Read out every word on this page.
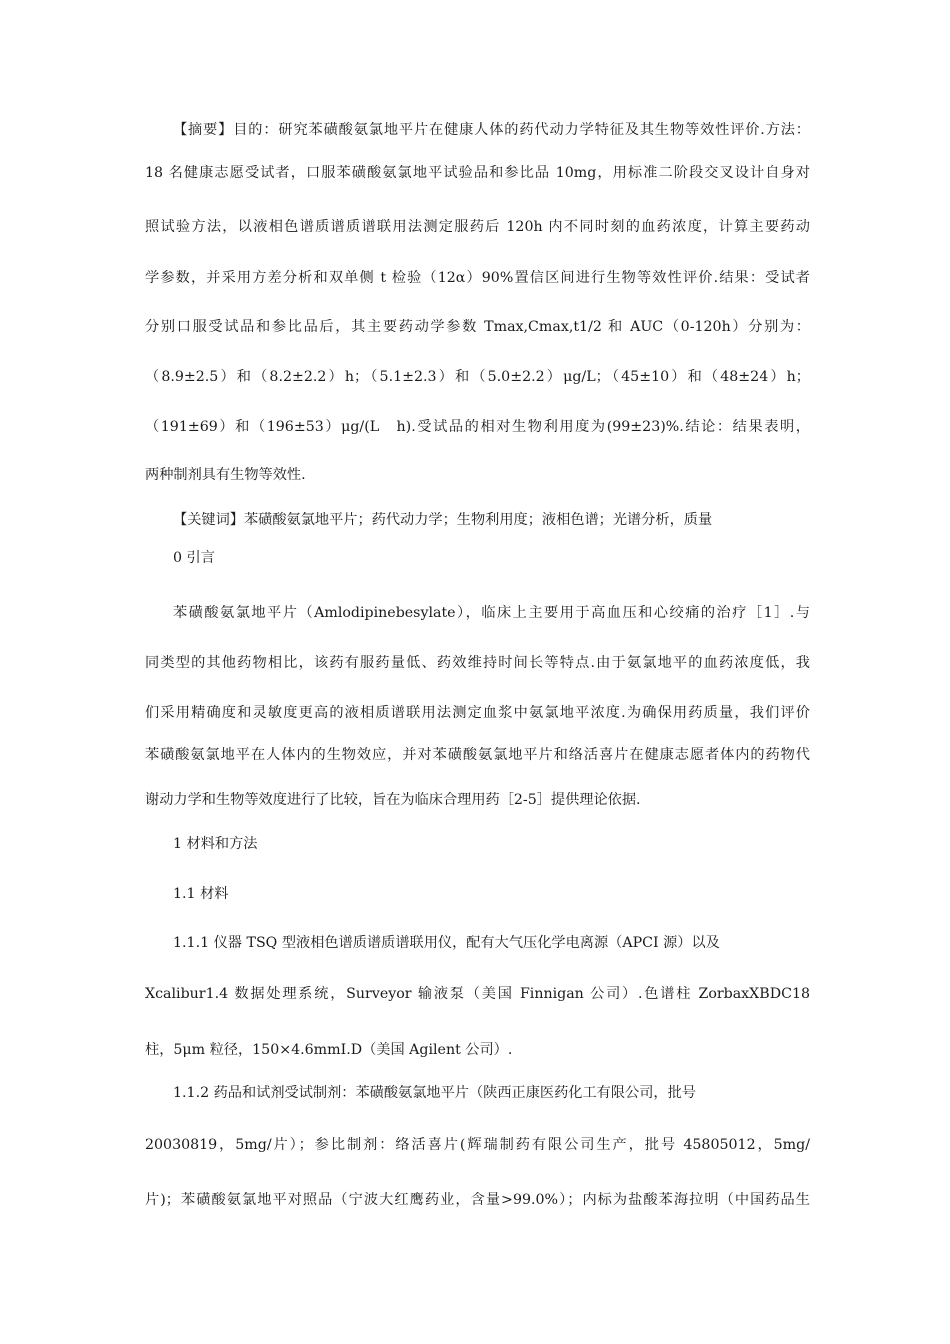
【摘要】目的：研究苯磺酸氨氯地平片在健康人体的药代动力学特征及其生物等效性评价.方法：
18 名健康志愿受试者，口服苯磺酸氨氯地平试验品和参比品 10mg，用标准二阶段交叉设计自身对
照试验方法，以液相色谱质谱质谱联用法测定服药后 120h 内不同时刻的血药浓度，计算主要药动
学参数，并采用方差分析和双单侧 t 检验（12α）90%置信区间进行生物等效性评价.结果：受试者
分别口服受试品和参比品后，其主要药动学参数 Tmax,Cmax,t1/2 和 AUC（0-120h）分别为：
（8.9±2.5）和（8.2±2.2）h；（5.1±2.3）和（5.0±2.2）μg/L；（45±10）和（48±24）h；
（191±69）和（196±53）μg/(L　h).受试品的相对生物利用度为(99±23)%.结论：结果表明，
两种制剂具有生物等效性.
【关键词】苯磺酸氨氯地平片；药代动力学；生物利用度；液相色谱；光谱分析，质量
0 引言
苯磺酸氨氯地平片（Amlodipinebesylate），临床上主要用于高血压和心绞痛的治疗［1］.与
同类型的其他药物相比，该药有服药量低、药效维持时间长等特点.由于氨氯地平的血药浓度低，我
们采用精确度和灵敏度更高的液相质谱联用法测定血浆中氨氯地平浓度.为确保用药质量，我们评价
苯磺酸氨氯地平在人体内的生物效应，并对苯磺酸氨氯地平片和络活喜片在健康志愿者体内的药物代
谢动力学和生物等效度进行了比较，旨在为临床合理用药［2-5］提供理论依据.
1 材料和方法
1.1 材料
1.1.1 仪器 TSQ 型液相色谱质谱质谱联用仪，配有大气压化学电离源（APCI 源）以及
Xcalibur1.4 数据处理系统，Surveyor 输液泵（美国 Finnigan 公司）.色谱柱 ZorbaxXBDC18
柱，5μm 粒径，150×4.6mmI.D（美国 Agilent 公司）.
1.1.2 药品和试剂受试制剂：苯磺酸氨氯地平片（陕西正康医药化工有限公司，批号
20030819，5mg/片）；参比制剂：络活喜片(辉瑞制药有限公司生产，批号 45805012，5mg/
片)；苯磺酸氨氯地平对照品（宁波大红鹰药业，含量>99.0%）；内标为盐酸苯海拉明（中国药品生
